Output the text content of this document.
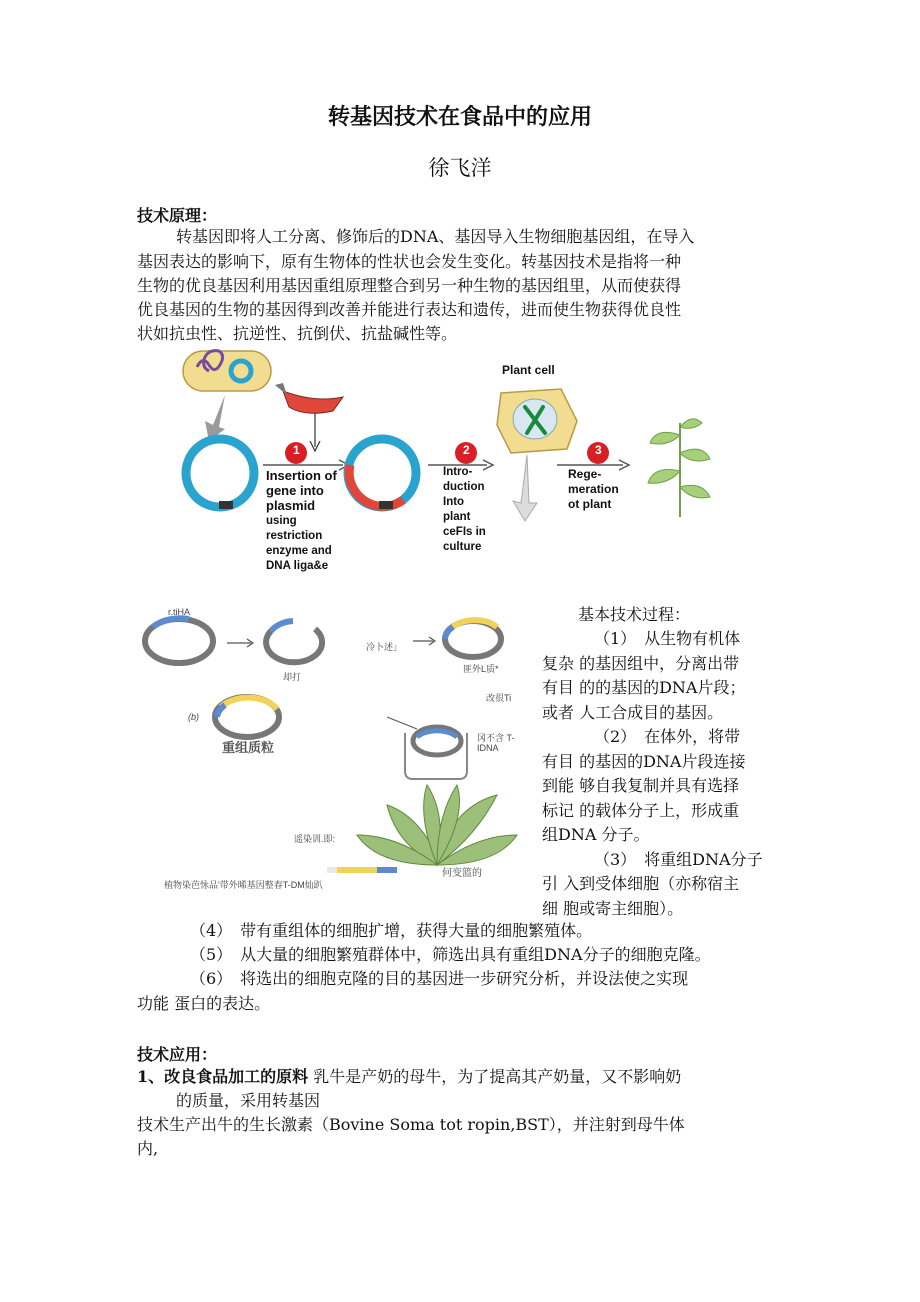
转基因技术在食品中的应用
徐飞洋
技术原理：
转基因即将人工分离、修饰后的DNA、基因导入生物细胞基因组，在导入
基因表达的影响下，原有生物体的性状也会发生变化。转基因技术是指将一种
生物的优良基因利用基因重组原理整合到另一种生物的基因组里，从而使获得
优良基因的生物的基因得到改善并能进行表达和遗传，进而使生物获得优良性
状如抗虫性、抗逆性、抗倒伏、抗盐碱性等。
1	2	3
Plant cell
Insertion of
gene into
plasmid
using
restriction
enzyme and
DNA liga&e
Intro-
duction
Into
plant
ceFIs in
culture
Rege-
meration
ot plant
r.tiHA
却打
冷卜述」
匪外L质*
改很Ti
(b)
重组质粒
冈不含 T-
IDNA
遥染训.即:
植物染芭怺品'带外晞基因整春T-DM灿趴
何变篮的
基本技术过程：
（1）　从生物有机体
复杂 的基因组中，分离出带
有目 的的基因的DNA片段；
或者 人工合成目的基因。
（2）　在体外，将带
有目 的基因的DNA片段连接
到能 够自我复制并具有选择
标记 的载体分子上，形成重
组DNA 分子。
（3）　将重组DNA分子
引 入到受体细胞（亦称宿主
细 胞或寄主细胞）。
（4）　带有重组体的细胞扩增，获得大量的细胞繁殖体。
（5）　从大量的细胞繁殖群体中，筛选出具有重组DNA分子的细胞克隆。
（6）　将选出的细胞克隆的目的基因进一步研究分析，并设法使之实现
功能 蛋白的表达。
技术应用：
1、改良食品加工的原料 乳牛是产奶的母牛，为了提高其产奶量，又不影响奶
的质量，采用转基因
技术生产出牛的生长激素（Bovine Soma tot ropin,BST），并注射到母牛体
内,
